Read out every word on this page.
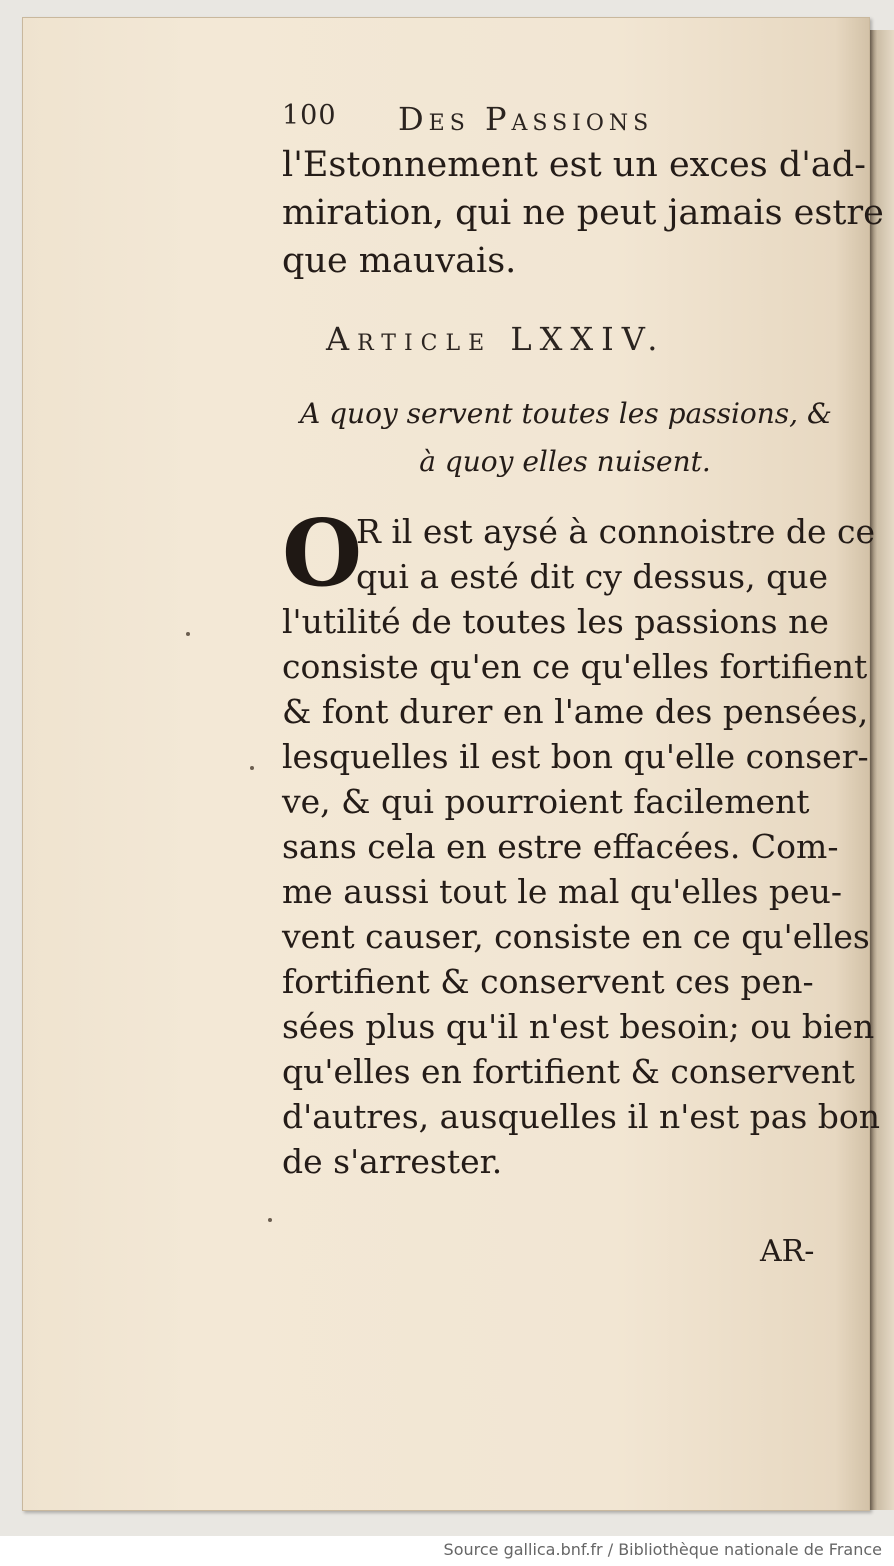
100 Des Passions
l'Estonnement est un exces d'ad-
miration, qui ne peut jamais estre
que mauvais.
Article LXXIV.
A quoy servent toutes les passions, &
à quoy elles nuisent.
O
R il est aysé à connoistre de ce
qui a esté dit cy dessus, que
l'utilité de toutes les passions ne
consiste qu'en ce qu'elles fortifient
& font durer en l'ame des pensées,
lesquelles il est bon qu'elle conser-
ve, & qui pourroient facilement
sans cela en estre effacées. Com-
me aussi tout le mal qu'elles peu-
vent causer, consiste en ce qu'elles
fortifient & conservent ces pen-
sées plus qu'il n'est besoin; ou bien
qu'elles en fortifient & conservent
d'autres, ausquelles il n'est pas bon
de s'arrester.
AR-
Source gallica.bnf.fr / Bibliothèque nationale de France
